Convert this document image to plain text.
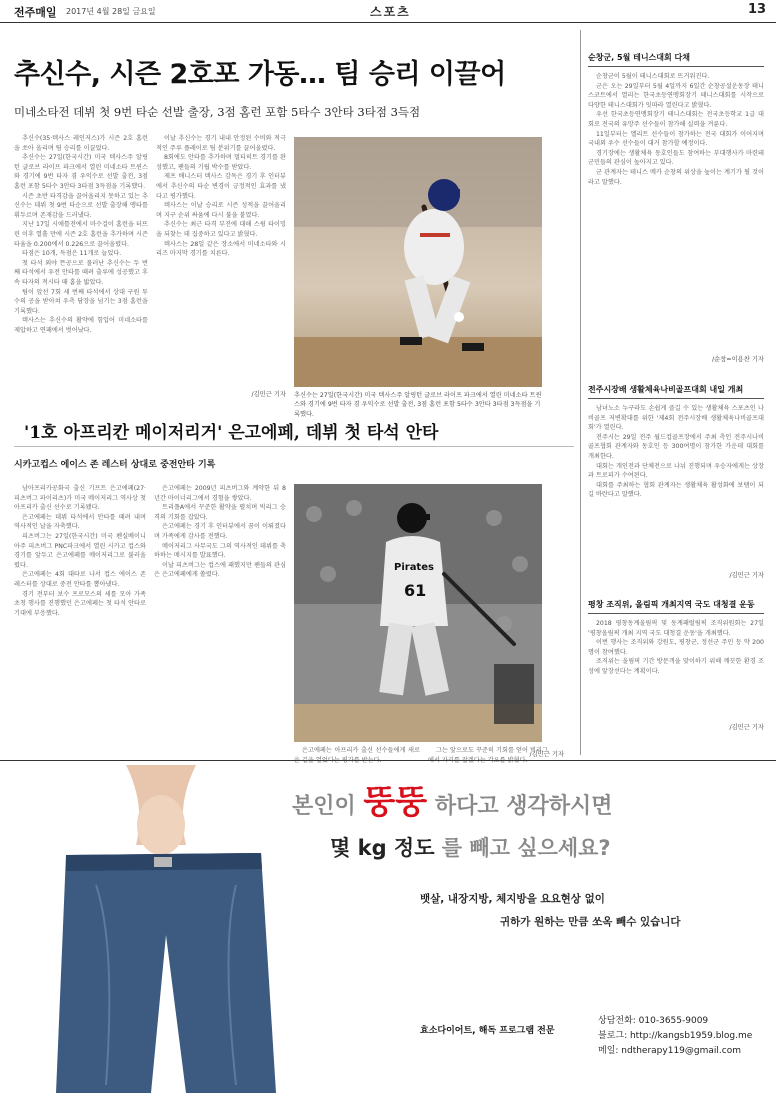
전주매일 2017년 4월 28일 금요일	스포츠	13
추신수, 시즌 2호포 가동… 팀 승리 이끌어
미네소타전 데뷔 첫 9번 타순 선발 출장, 3점 홈런 포함 5타수 3안타 3타점 3득점

추신수(35·텍사스 레인저스)가 시즌 2호 홈런을 쏘아 올리며 팀 승리를 이끌었다.

추신수는 27일(한국시간) 미국 텍사스주 알링턴 글로브 라이프 파크에서 열린 미네소타 트윈스와 경기에 9번 타자 겸 우익수로 선발 출전, 3점 홈런 포함 5타수 3안타 3타점 3득점을 기록했다.

시즌 초반 타격감을 끌어올리지 못하고 있는 추신수는 데뷔 첫 9번 타순으로 선발 출장해 맹타를 휘두르며 존재감을 드러냈다.

지난 17일 시애틀전에서 마수걸이 홈런을 터뜨린 이후 열흘 만에 시즌 2호 홈런을 추가하며 시즌 타율을 0.200에서 0.226으로 끌어올렸다.

타점은 10개, 득점은 11개로 늘었다.

첫 타석 외야 뜬공으로 물러난 추신수는 두 번째 타석에서 우전 안타를 때려 출루에 성공했고 후속 타자의 적시타 때 홈을 밟았다.

팀이 앞선 7회 세 번째 타석에서 상대 구원 투수의 공을 받아쳐 우측 담장을 넘기는 3점 홈런을 기록했다.

텍사스는 추신수의 활약에 힘입어 미네소타를 제압하고 연패에서 벗어났다.

이날 추신수는 경기 내내 안정된 수비와 적극적인 주루 플레이로 팀 분위기를 끌어올렸다.

8회에도 안타를 추가하며 멀티히트 경기를 완성했고, 팬들의 기립 박수를 받았다.

제프 배니스터 텍사스 감독은 경기 후 인터뷰에서 추신수의 타순 변경이 긍정적인 효과를 냈다고 평가했다.

텍사스는 이날 승리로 시즌 성적을 끌어올리며 지구 순위 싸움에 다시 불을 붙였다.

추신수는 최근 타격 부진에 대해 스윙 타이밍을 되찾는 데 집중하고 있다고 밝혔다.

텍사스는 28일 같은 장소에서 미네소타와 시리즈 마지막 경기를 치른다.

/김민근 기자 추신수는 27일(한국시간) 미국 텍사스주 알링턴 글로브 라이프 파크에서 열린 미네소타 트윈스와 경기에 9번 타자 겸 우익수로 선발 출전, 3점 홈런 포함 5타수 3안타 3타점 3득점을 기록했다.
'1호 아프리칸 메이저리거' 은고에페, 데뷔 첫 타석 안타
시카고컵스 에이스 존 레스터 상대로 중전안타 기록

남아프리카공화국 출신 기프트 은고에페(27·피츠버그 파이리츠)가 미국 메이저리그 역사상 첫 아프리카 출신 선수로 기록됐다.

은고에페는 데뷔 타석에서 안타를 때려 내며 역사적인 날을 자축했다.

피츠버그는 27일(한국시간) 미국 펜실베이니아주 피츠버그 PNC파크에서 열린 시카고 컵스와 경기를 앞두고 은고에페를 메이저리그로 불러올렸다.

은고에페는 4회 대타로 나서 컵스 에이스 존 레스터를 상대로 중전 안타를 뽑아냈다.

경기 전부터 보수 프로모스의 세를 모아 가족 초청 행사를 진행했던 은고에페는 첫 타석 안타로 기대에 부응했다.

은고에페는 2009년 피츠버그와 계약한 뒤 8년간 마이너리그에서 경험을 쌓았다.

트리플A에서 꾸준한 활약을 펼치며 빅리그 승격의 기회를 잡았다.

은고에페는 경기 후 인터뷰에서 꿈이 이뤄졌다며 가족에게 감사를 전했다.

메이저리그 사무국도 그의 역사적인 데뷔를 축하하는 메시지를 발표했다.

이날 피츠버그는 컵스에 패했지만 팬들의 관심은 은고에페에게 쏠렸다.

Pirates
61

은고에페는 아프리카 출신 선수들에게 새로	그는 앞으로도 꾸준히 기회를 얻어 빅리그

/김민근 기자
순창군, 5월 테니스대회 다채

순창군이 5월이 테니스대회로 뜨거워진다.

군은 오는 29일부터 5월 4일까지 6일간 순창공설운동장 테니스코트에서 열리는 한국초등연맹회장기 테니스대회를 시작으로 다양한 테니스대회가 잇따라 열린다고 밝혔다.

우선 한국초등연맹회장기 테니스대회는 전국초등학교 1급 대회로 전국의 유망주 선수들이 참가해 실력을 겨룬다.

11일부터는 엘리트 선수들이 참가하는 전국 대회가 이어지며 국내외 우수 선수들이 대거 참가할 예정이다.

경기장에는 생활체육 동호인들도 참여하는 부대행사가 마련돼 군민들의 관심이 높아지고 있다.

군 관계자는 테니스 메카 순창의 위상을 높이는 계기가 될 것이라고 말했다.

/순창=이용찬 기자
전주시장배 생활체육나비골프대회 내일 개최

남녀노소 누구라도 손쉽게 즐길 수 있는 생활체육 스포츠인 나비골프 저변확대를 위한 '제4회 전주시장배 생활체육나비골프대회'가 열린다.

전주시는 29일 전주 월드컵골프장에서 주최 측인 전주시나비골프협회 관계자와 동호인 등 300여명이 참가한 가운데 대회를 개최한다.

대회는 개인전과 단체전으로 나눠 진행되며 우승자에게는 상장과 트로피가 수여된다.

대회를 주최하는 협회 관계자는 생활체육 활성화에 보탬이 되길 바란다고 말했다.

/김민근 기자
평창 조직위, 올림픽 개최지역 국도 대청결 운동

2018 평창동계올림픽 및 동계패럴림픽 조직위원회는 27일 '평창올림픽 개최 지역 국도 대청결 운동'을 개최했다.

이번 행사는 조직위와 강원도, 평창군, 정선군 주민 등 약 200명이 참여했다.

조직위는 올림픽 기간 방문객을 맞이하기 위해 깨끗한 환경 조성에 앞장선다는 계획이다.

/김민근 기자
본인이 뚱뚱 하다고 생각하시면
몇 kg 정도 를 빼고 싶으세요?
뱃살, 내장지방, 체지방을 요요현상 없이
귀하가 원하는 만큼 쏘옥 빼수 있습니다
효소다이어트, 해독 프로그램 전문
상담전화: 010-3655-9009
블로그: http://kangsb1959.blog.me
메일: ndtherapy119@gmail.com
